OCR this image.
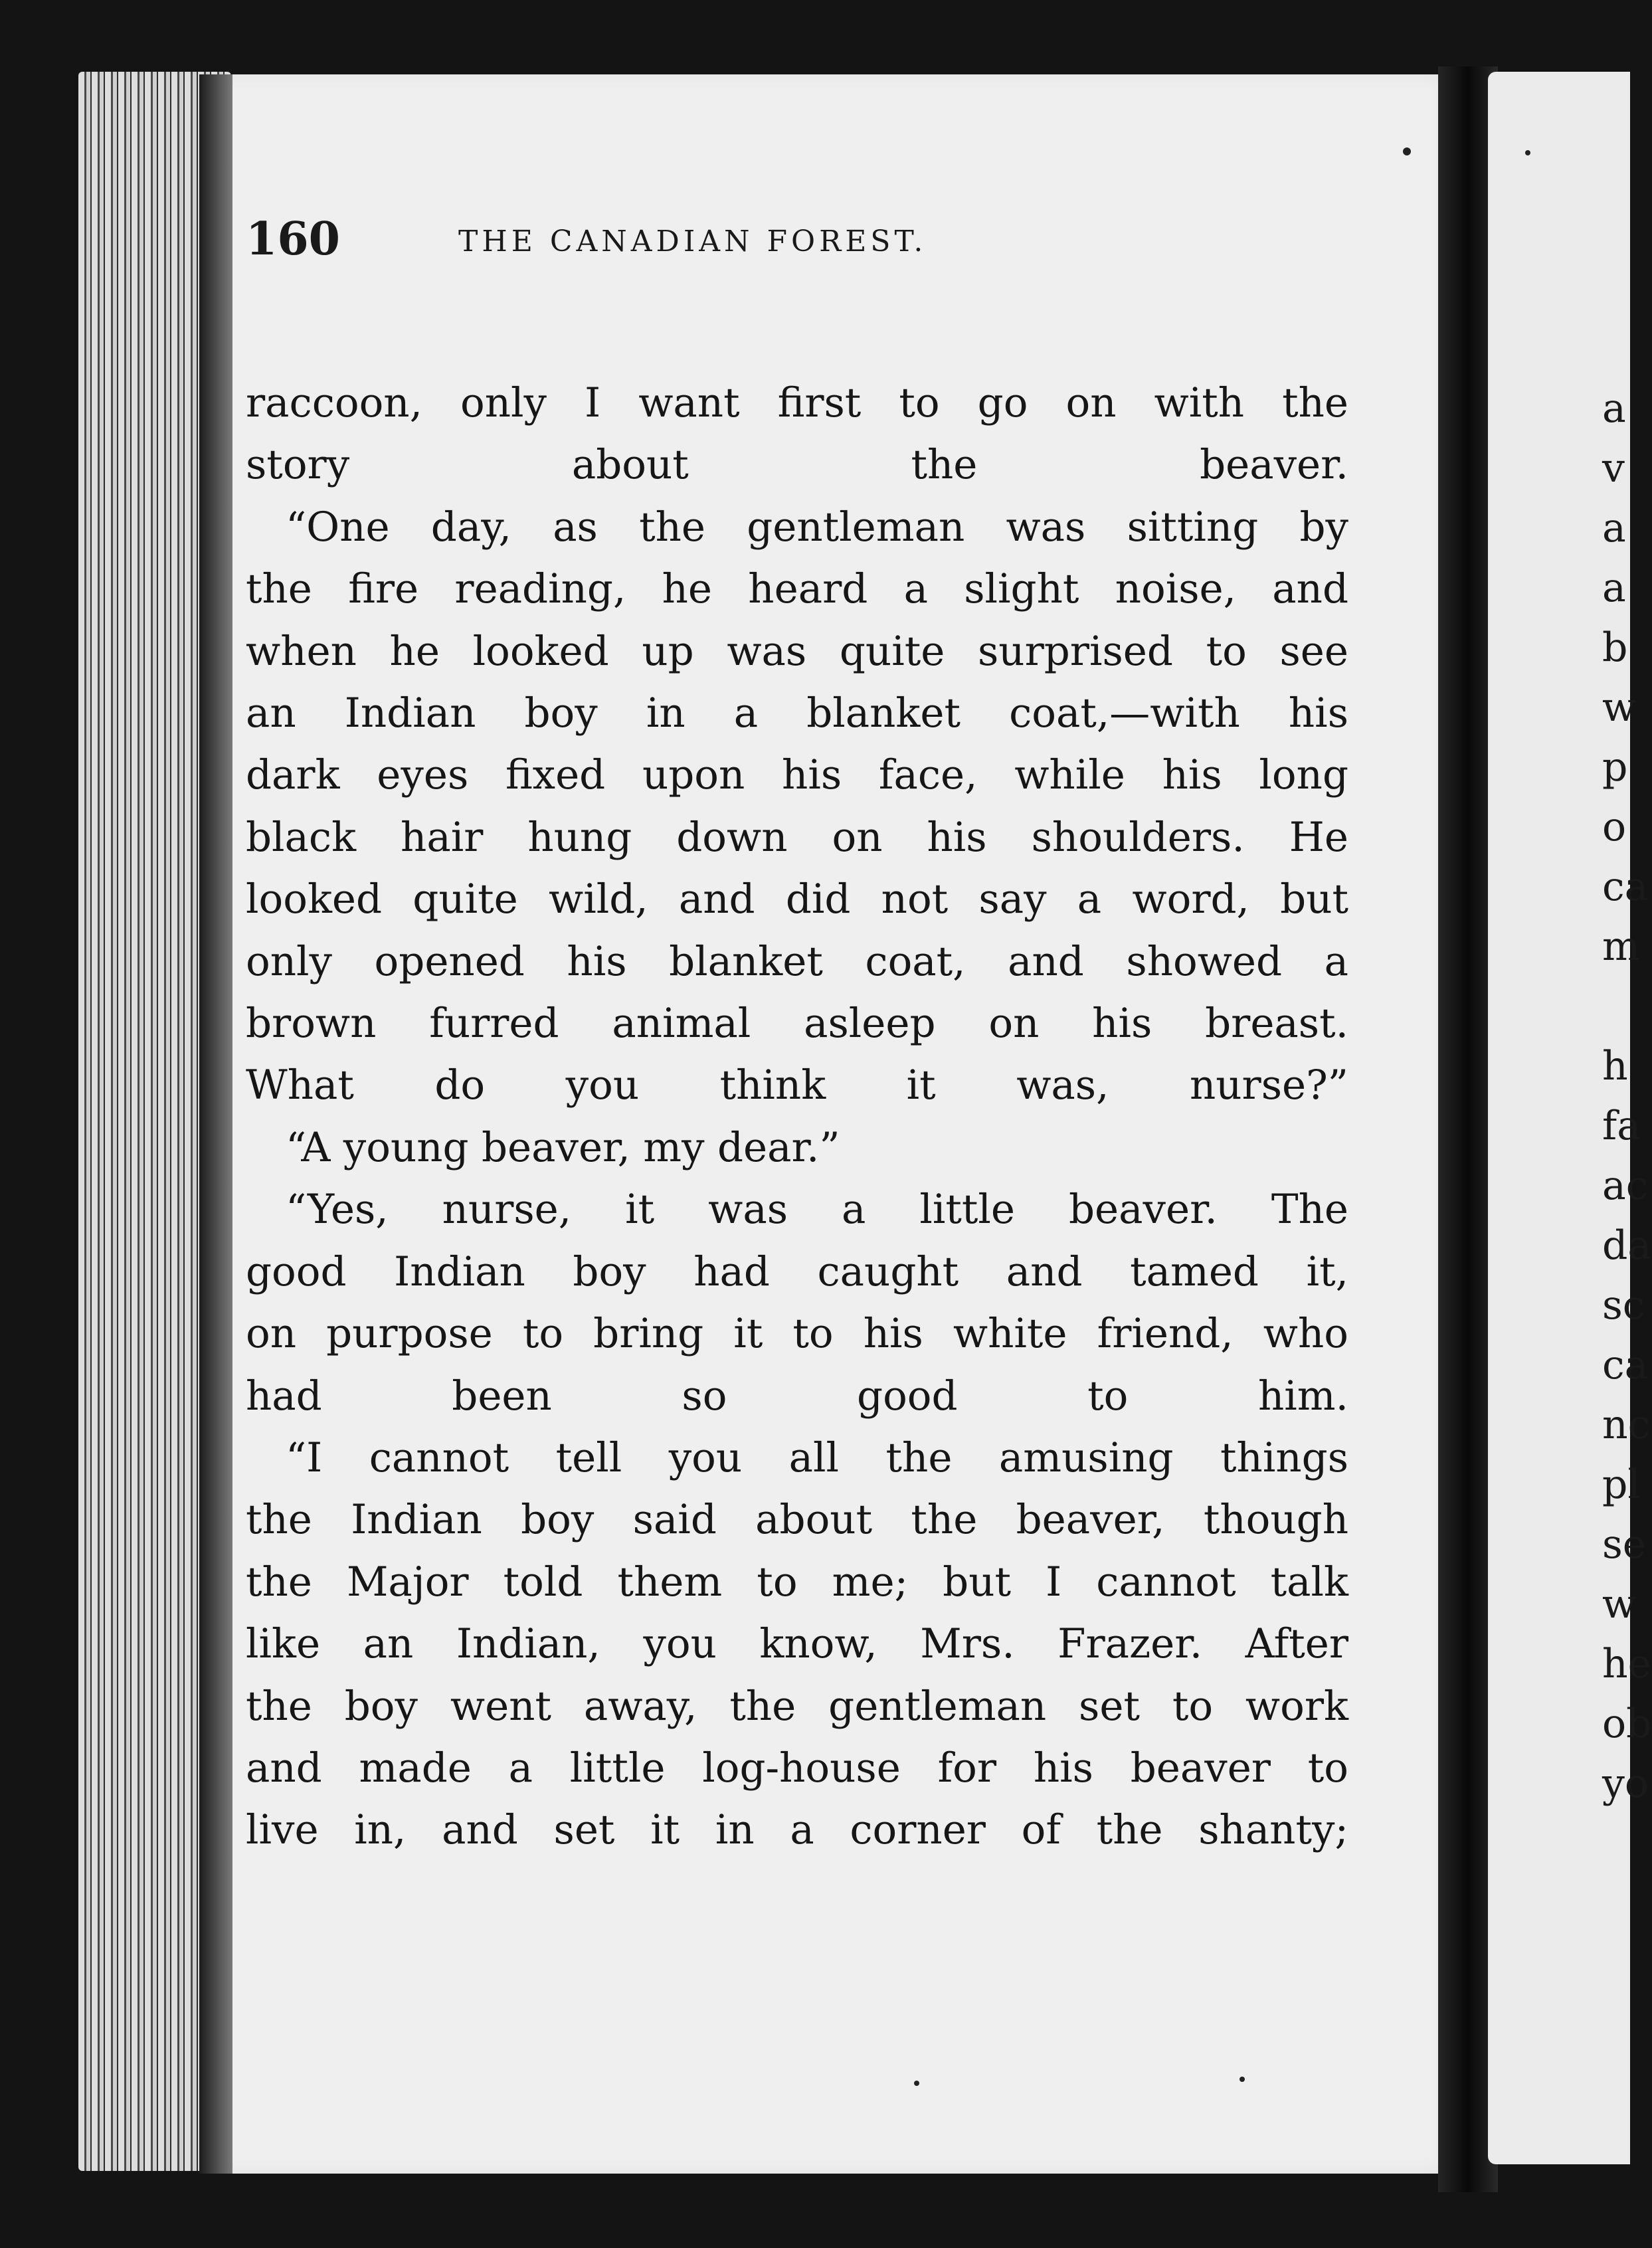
160	THE CANADIAN FOREST.

raccoon, only I want first to go on with the
story about the beaver.

“One day, as the gentleman was sitting by
the fire reading, he heard a slight noise, and
when he looked up was quite surprised to see
an Indian boy in a blanket coat,—with his
dark eyes fixed upon his face, while his long
black hair hung down on his shoulders. He
looked quite wild, and did not say a word, but
only opened his blanket coat, and showed a
brown furred animal asleep on his breast.
What do you think it was, nurse?”

“A young beaver, my dear.”

“Yes, nurse, it was a little beaver. The
good Indian boy had caught and tamed it,
on purpose to bring it to his white friend, who
had been so good to him.

“I cannot tell you all the amusing things
the Indian boy said about the beaver, though
the Major told them to me; but I cannot talk
like an Indian, you know, Mrs. Frazer. After
the boy went away, the gentleman set to work
and made a little log-house for his beaver to
live in, and set it in a corner of the shanty;

a
v
a
a
b
w
p
o
ca
m
h
fa
ac
da
sc
ca
nc
pl
se
w
he
ob
yo
